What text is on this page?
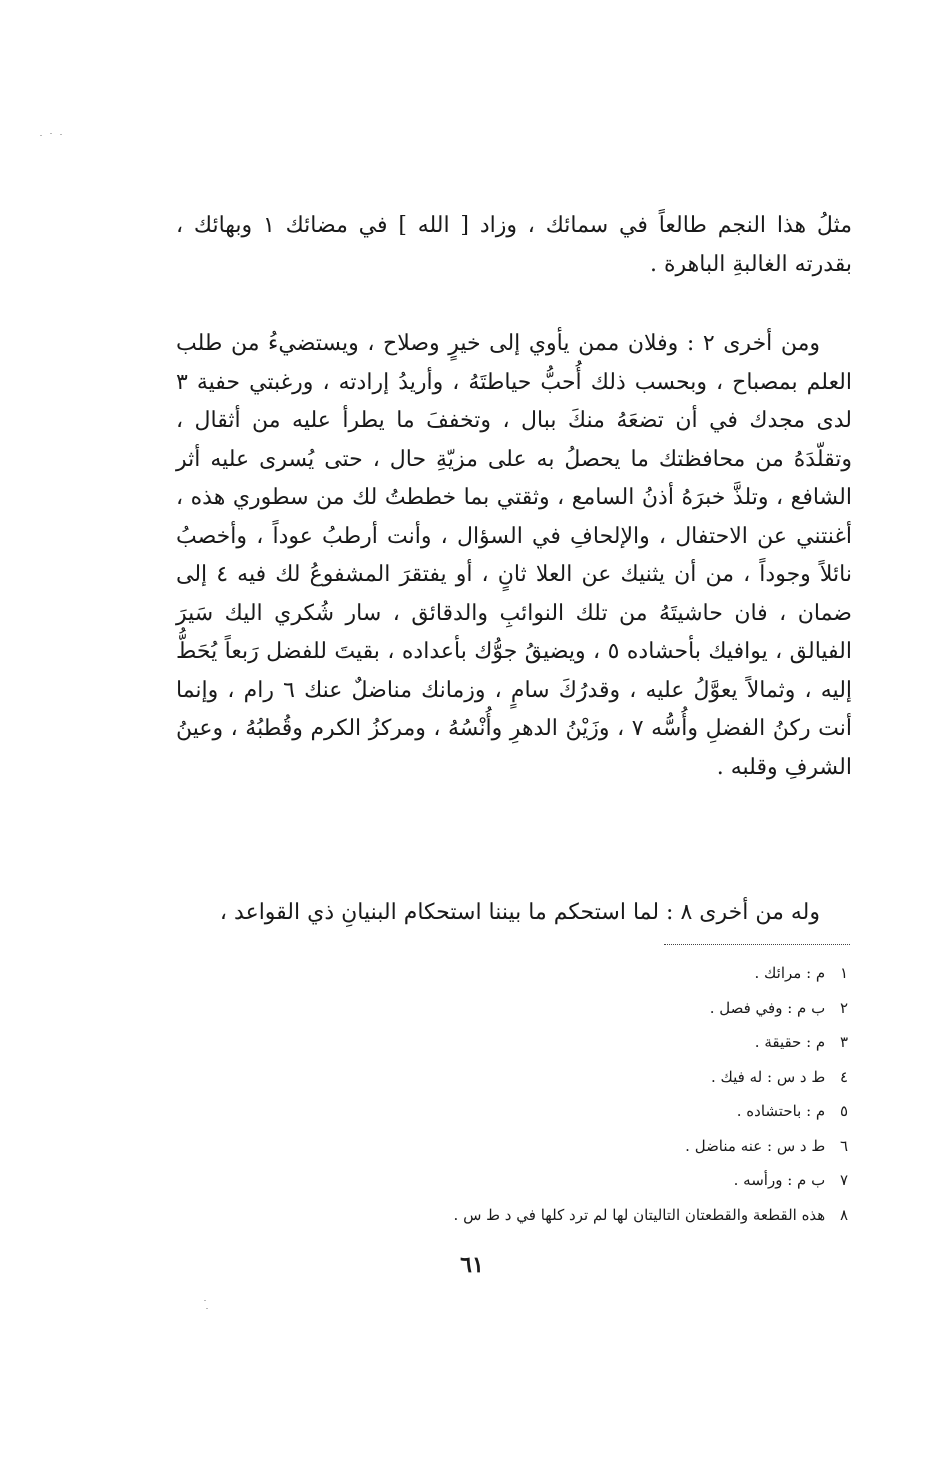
مثلُ هذا النجم طالعاً في سمائك ، وزاد [ الله ] في مضائك ١ وبهائك ، بقدرته الغالبةِ الباهرة .

ومن أخرى ٢ : وفلان ممن يأوي إلى خيرٍ وصلاح ، ويستضيءُ من طلب العلم بمصباح ، وبحسب ذلك أُحبُّ حياطتَهُ ، وأريدُ إرادته ، ورغبتي حفية ٣ لدى مجدك في أن تضعَهُ منكَ ببال ، وتخففَ ما يطرأ عليه من أثقال ، وتقلّدَهُ من محافظتك ما يحصلُ به على مزيّةِ حال ، حتى يُسرى عليه أثر الشافع ، وتلذَّ خبرَهُ أذنُ السامع ، وثقتي بما خططتُ لك من سطوري هذه ، أغنتني عن الاحتفال ، والإلحافِ في السؤال ، وأنت أرطبُ عوداً ، وأخصبُ نائلاً وجوداً ، من أن يثنيك عن العلا ثانٍ ، أو يفتقرَ المشفوعُ لك فيه ٤ إلى ضمان ، فان حاشيتَهُ من تلك النوائبِ والدقائق ، سار شُكري اليك سَيرَ الفيالق ، يوافيك بأحشاده ٥ ، ويضيقُ جوُّك بأعداده ، بقيتَ للفضل رَبعاً يُحَطُّ إليه ، وثمالاً يعوَّلُ عليه ، وقدرُكَ سامٍ ، وزمانك مناضلٌ عنك ٦ رام ، وإنما أنت ركنُ الفضلِ وأُسُّه ٧ ، وزَيْنُ الدهرِ وأُنْسُهُ ، ومركزُ الكرم وقُطبُهُ ، وعينُ الشرفِ وقلبه .

وله من أخرى ٨ : لما استحكم ما بيننا استحكام البنيانِ ذي القواعد ،

١ م : مرائك .
٢ ب م : وفي فصل .
٣ م : حقيقة .
٤ ط د س : له فيك .
٥ م : باحتشاده .
٦ ط د س : عنه مناضل .
٧ ب م : ورأسه .
٨ هذه القطعة والقطعتان التاليتان لها لم ترد كلها في د ط س .
٦١
